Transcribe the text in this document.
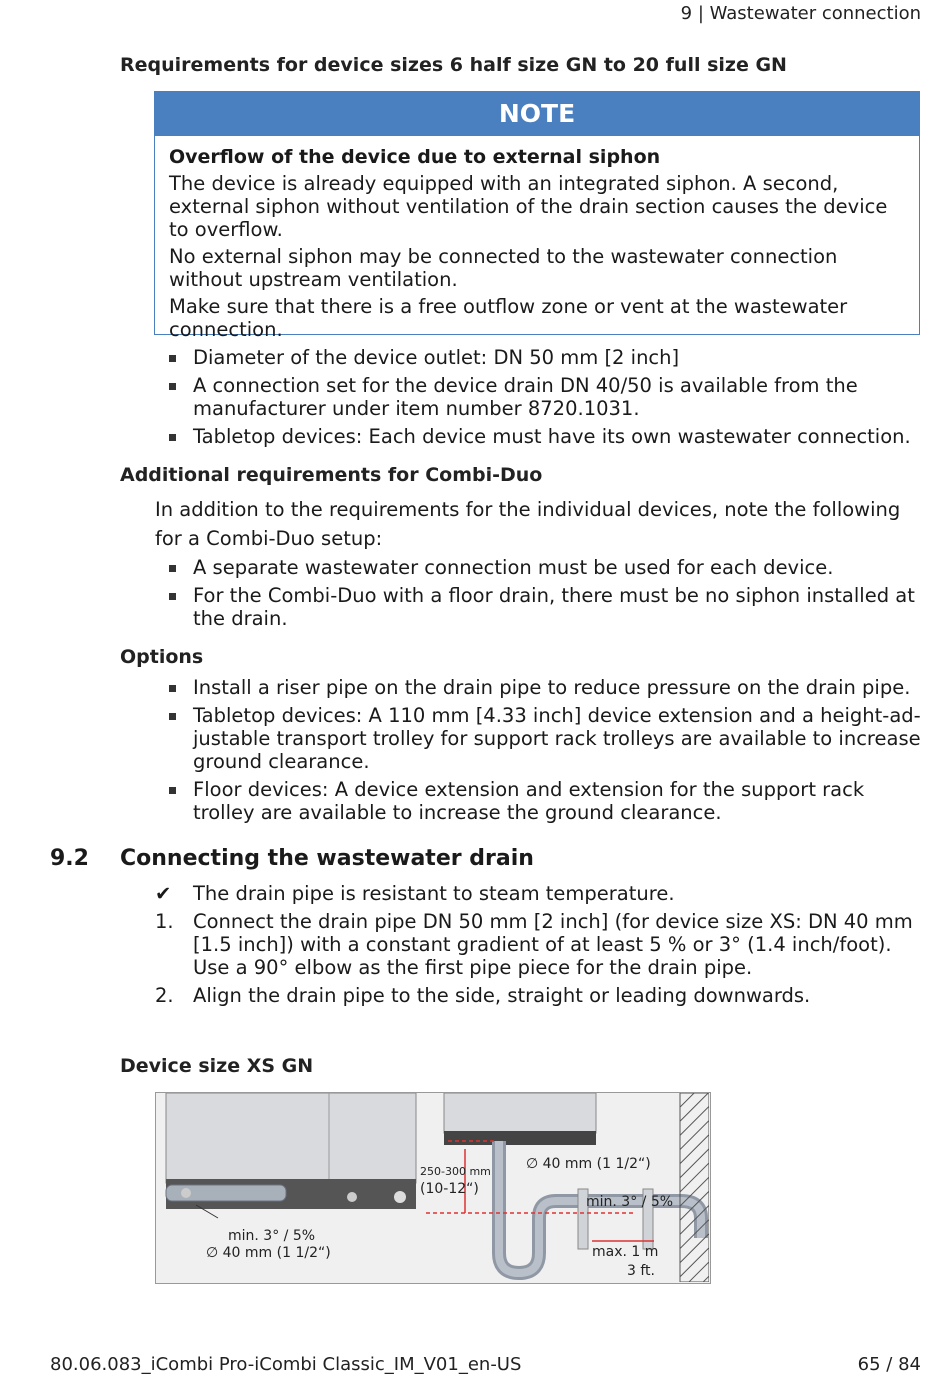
9 | Wastewater connection
Requirements for device sizes 6 half size GN to 20 full size GN
NOTE
Overflow of the device due to external siphon

The device is already equipped with an integrated siphon. A second, external siphon without ventilation of the drain section causes the device to overflow.

No external siphon may be connected to the wastewater connection without upstream ventilation.

Make sure that there is a free outflow zone or vent at the wastewater connection.

Diameter of the device outlet: DN 50 mm [2 inch]
A connection set for the device drain DN 40/50 is available from the manufacturer under item number 8720.1031.
Tabletop devices: Each device must have its own wastewater connection.
Additional requirements for Combi-Duo
In addition to the requirements for the individual devices, note the following for a Combi-Duo setup:
A separate wastewater connection must be used for each device.
For the Combi-Duo with a floor drain, there must be no siphon installed at the drain.
Options
Install a riser pipe on the drain pipe to reduce pressure on the drain pipe.
Tabletop devices: A 110 mm [4.33 inch] device extension and a height-adjustable transport trolley for support rack trolleys are available to increase ground clearance.
Floor devices: A device extension and extension for the support rack trolley are available to increase the ground clearance.
9.2 Connecting the wastewater drain
✔ The drain pipe is resistant to steam temperature.
1. Connect the drain pipe DN 50 mm [2 inch] (for device size XS: DN 40 mm [1.5 inch]) with a constant gradient of at least 5 % or 3° (1.4 inch/foot). Use a 90° elbow as the first pipe piece for the drain pipe.
2. Align the drain pipe to the side, straight or leading downwards.
Device size XS GN
min. 3° / 5%
∅ 40 mm (1 1/2“)
250-300 mm
(10-12“)
∅ 40 mm (1 1/2“)
min. 3° / 5%
max. 1 m
3 ft.
80.06.083_iCombi Pro-iCombi Classic_IM_V01_en-US	65 / 84
